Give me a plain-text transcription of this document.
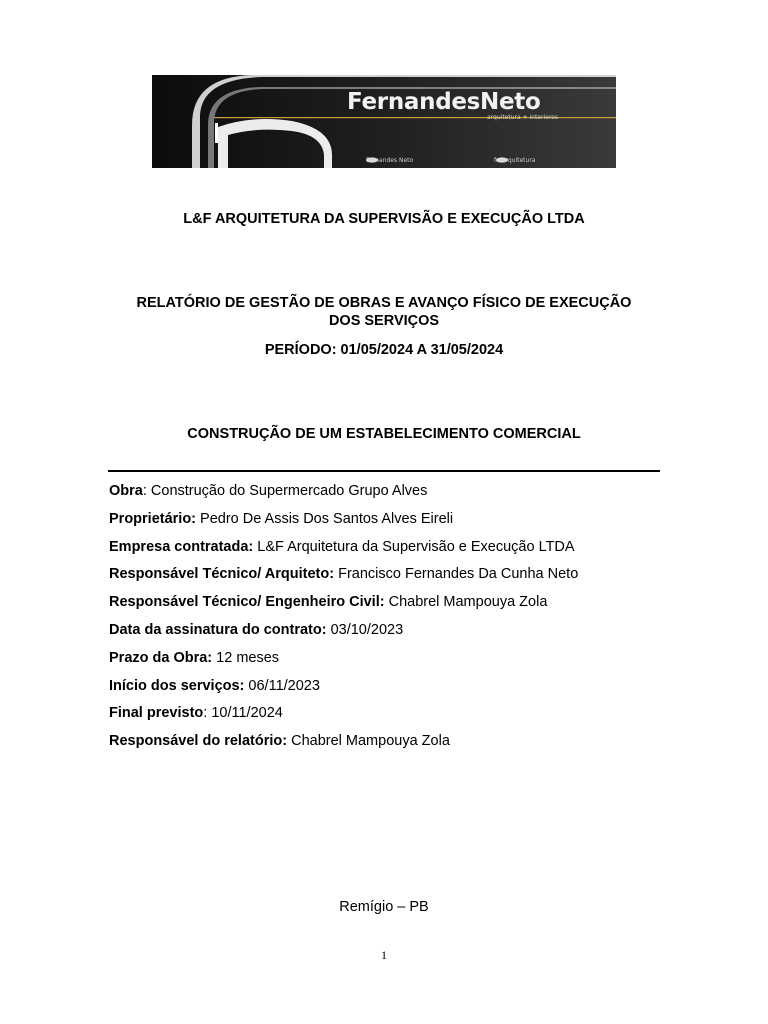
FernandesNeto
arquitetura + interiores
Fernandes Neto	fn.arquitetura
L&F ARQUITETURA DA SUPERVISÃO E EXECUÇÃO LTDA
RELATÓRIO DE GESTÃO DE OBRAS E AVANÇO FÍSICO DE EXECUÇÃO
DOS SERVIÇOS
PERÍODO: 01/05/2024 A 31/05/2024
CONSTRUÇÃO DE UM ESTABELECIMENTO COMERCIAL
Obra: Construção do Supermercado Grupo Alves
Proprietário: Pedro De Assis Dos Santos Alves Eireli
Empresa contratada: L&F Arquitetura da Supervisão e Execução LTDA
Responsável Técnico/ Arquiteto: Francisco Fernandes Da Cunha Neto
Responsável Técnico/ Engenheiro Civil: Chabrel Mampouya Zola
Data da assinatura do contrato: 03/10/2023
Prazo da Obra: 12 meses
Início dos serviços: 06/11/2023
Final previsto: 10/11/2024
Responsável do relatório: Chabrel Mampouya Zola
Remígio – PB
1
